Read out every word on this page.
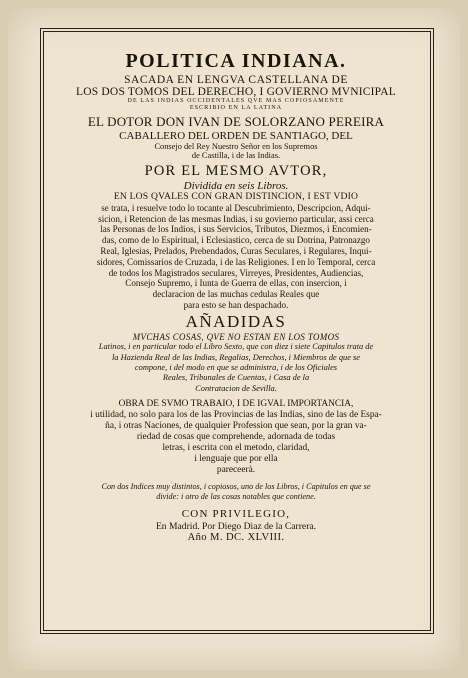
POLITICA INDIANA.
SACADA EN LENGVA CASTELLANA DE
LOS DOS TOMOS DEL DERECHO, I GOVIERNO MVNICIPAL
DE LAS INDIAS OCCIDENTALES QVE MAS COPIOSAMENTE
ESCRIBIO EN LA LATINA
EL DOTOR DON IVAN DE SOLORZANO PEREIRA
CABALLERO DEL ORDEN DE SANTIAGO, DEL
Consejo del Rey Nuestro Señor en los Supremos
de Castilla, i de las Indias.
POR EL MESMO AVTOR,
Dividida en seis Libros.
EN LOS QVALES CON GRAN DISTINCION, I EST VDIO
se trata, i resuelve todo lo tocante al Descubrimiento, Descripcion, Adqui-
sicion, i Retencion de las mesmas Indias, i su govierno particular, assi cerca
las Personas de los Indios, i sus Servicios, Tributos, Diezmos, i Encomien-
das, como de lo Espiritual, i Eclesiastico, cerca de su Dotrina, Patronazgo
Real, Iglesias, Prelados, Prebendados, Curas Seculares, i Regulares, Inqui-
sidores, Comissarios de Cruzada, i de las Religiones. I en lo Temporal, cerca
de todos los Magistrados seculares, Virreyes, Presidentes, Audiencias,
Consejo Supremo, i Iunta de Guerra de ellas, con insercion, i
declaracion de las muchas cedulas Reales que
para esto se han despachado.
AÑADIDAS
MVCHAS COSAS, QVE NO ESTAN EN LOS TOMOS
Latinos, i en particular todo el Libro Sexto, que con diez i siete Capitulos trata de
la Hazienda Real de las Indias, Regalias, Derechos, i Miembros de que se
compone, i del modo en que se administra, i de los Oficiales
Reales, Tribunales de Cuentas, i Casa de la
Contratacion de Sevilla.
OBRA DE SVMO TRABAIO, I DE IGVAL IMPORTANCIA,
i utilidad, no solo para los de las Provincias de las Indias, sino de las de Espa-
ña, i otras Naciones, de qualquier Profession que sean, por la gran va-
riedad de cosas que comprehende, adornada de todas
letras, i escrita con el metodo, claridad,
i lenguaje que por ella
pareceerà.
Con dos Indices muy distintos, i copiosos, uno de los Libros, i Capitulos en que se
divide: i otro de las cosas notables que contiene.
CON PRIVILEGIO,
En Madrid. Por Diego Diaz de la Carrera.
Año M. DC. XLVIII.
